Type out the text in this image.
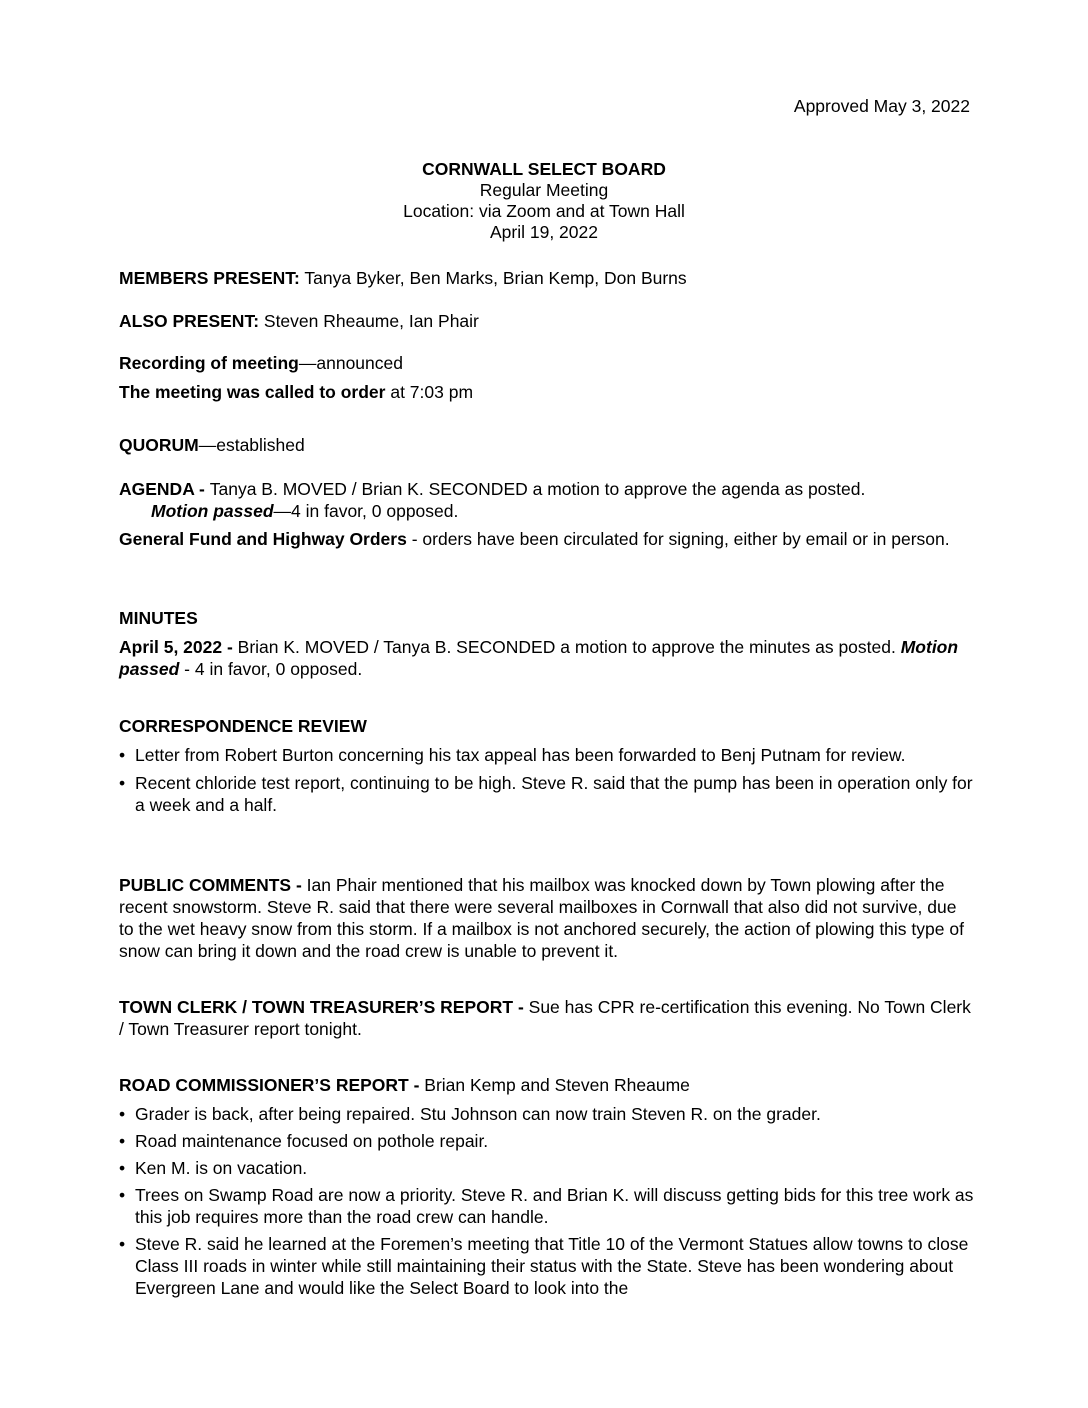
Approved May 3, 2022
CORNWALL SELECT BOARD
Regular Meeting
Location: via Zoom and at Town Hall
April 19, 2022
MEMBERS PRESENT: Tanya Byker, Ben Marks, Brian Kemp, Don Burns
ALSO PRESENT: Steven Rheaume, Ian Phair
Recording of meeting—announced
The meeting was called to order at 7:03 pm
QUORUM—established
AGENDA - Tanya B. MOVED / Brian K. SECONDED a motion to approve the agenda as posted.
Motion passed—4 in favor, 0 opposed.
General Fund and Highway Orders - orders have been circulated for signing, either by email or in person.
MINUTES
April 5, 2022 - Brian K. MOVED / Tanya B. SECONDED a motion to approve the minutes as posted. Motion passed - 4 in favor, 0 opposed.
CORRESPONDENCE REVIEW
• Letter from Robert Burton concerning his tax appeal has been forwarded to Benj Putnam for review.
• Recent chloride test report, continuing to be high. Steve R. said that the pump has been in operation only for a week and a half.
PUBLIC COMMENTS - Ian Phair mentioned that his mailbox was knocked down by Town plowing after the recent snowstorm. Steve R. said that there were several mailboxes in Cornwall that also did not survive, due to the wet heavy snow from this storm. If a mailbox is not anchored securely, the action of plowing this type of snow can bring it down and the road crew is unable to prevent it.
TOWN CLERK / TOWN TREASURER’S REPORT - Sue has CPR re-certification this evening. No Town Clerk / Town Treasurer report tonight.
ROAD COMMISSIONER’S REPORT - Brian Kemp and Steven Rheaume
• Grader is back, after being repaired. Stu Johnson can now train Steven R. on the grader.
• Road maintenance focused on pothole repair.
• Ken M. is on vacation.
• Trees on Swamp Road are now a priority. Steve R. and Brian K. will discuss getting bids for this tree work as this job requires more than the road crew can handle.
• Steve R. said he learned at the Foremen’s meeting that Title 10 of the Vermont Statues allow towns to close Class III roads in winter while still maintaining their status with the State. Steve has been wondering about Evergreen Lane and would like the Select Board to look into the
